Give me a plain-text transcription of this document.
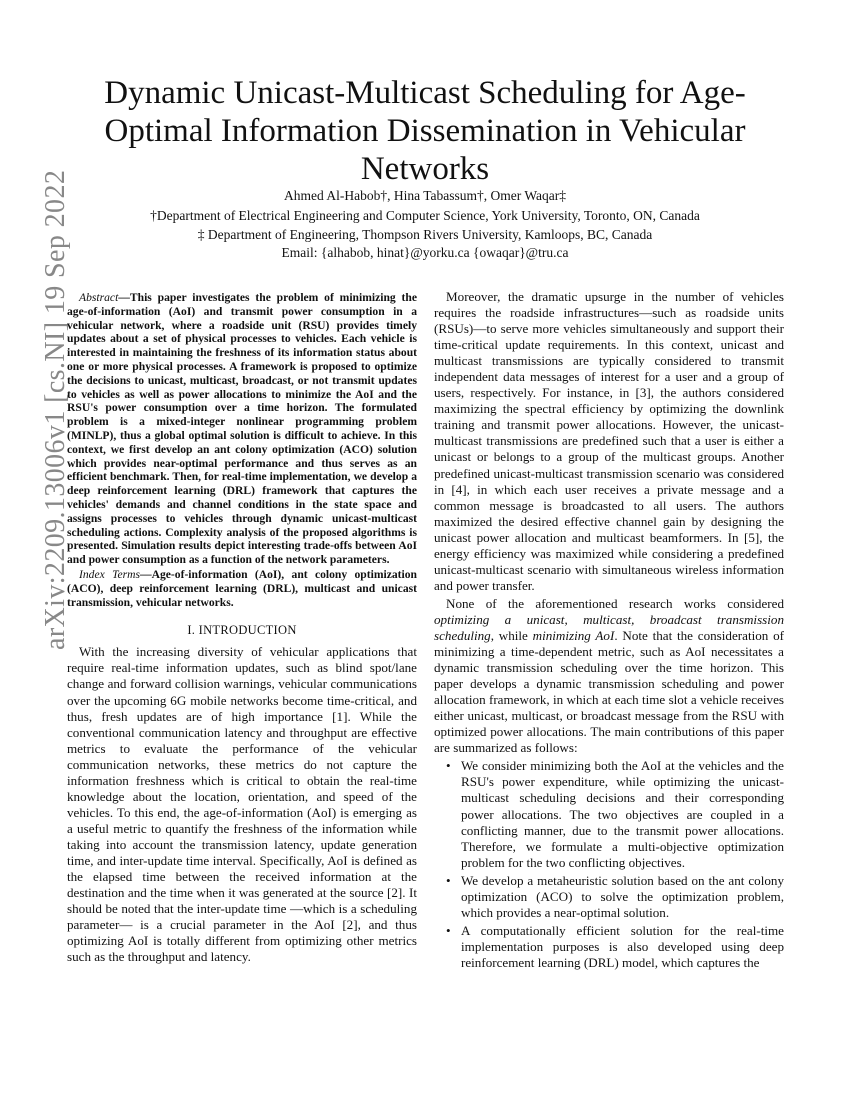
arXiv:2209.13006v1 [cs.NI] 19 Sep 2022
Dynamic Unicast-Multicast Scheduling for Age-Optimal Information Dissemination in Vehicular Networks
Ahmed Al-Habob†, Hina Tabassum†, Omer Waqar‡
†Department of Electrical Engineering and Computer Science, York University, Toronto, ON, Canada
‡ Department of Engineering, Thompson Rivers University, Kamloops, BC, Canada
Email: {alhabob, hinat}@yorku.ca {owaqar}@tru.ca
Abstract—This paper investigates the problem of minimizing the age-of-information (AoI) and transmit power consumption in a vehicular network, where a roadside unit (RSU) provides timely updates about a set of physical processes to vehicles. Each vehicle is interested in maintaining the freshness of its information status about one or more physical processes. A framework is proposed to optimize the decisions to unicast, multicast, broadcast, or not transmit updates to vehicles as well as power allocations to minimize the AoI and the RSU's power consumption over a time horizon. The formulated problem is a mixed-integer nonlinear programming problem (MINLP), thus a global optimal solution is difficult to achieve. In this context, we first develop an ant colony optimization (ACO) solution which provides near-optimal performance and thus serves as an efficient benchmark. Then, for real-time implementation, we develop a deep reinforcement learning (DRL) framework that captures the vehicles' demands and channel conditions in the state space and assigns processes to vehicles through dynamic unicast-multicast scheduling actions. Complexity analysis of the proposed algorithms is presented. Simulation results depict interesting trade-offs between AoI and power consumption as a function of the network parameters.
Index Terms—Age-of-information (AoI), ant colony optimization (ACO), deep reinforcement learning (DRL), multicast and unicast transmission, vehicular networks.
I. INTRODUCTION

With the increasing diversity of vehicular applications that require real-time information updates, such as blind spot/lane change and forward collision warnings, vehicular communications over the upcoming 6G mobile networks become time-critical, and thus, fresh updates are of high importance [1]. While the conventional communication latency and throughput are effective metrics to evaluate the performance of the vehicular communication networks, these metrics do not capture the information freshness which is critical to obtain the real-time knowledge about the location, orientation, and speed of the vehicles. To this end, the age-of-information (AoI) is emerging as a useful metric to quantify the freshness of the information while taking into account the transmission latency, update generation time, and inter-update time interval. Specifically, AoI is defined as the elapsed time between the received information at the destination and the time when it was generated at the source [2]. It should be noted that the inter-update time —which is a scheduling parameter— is a crucial parameter in the AoI [2], and thus optimizing AoI is totally different from optimizing other metrics such as the throughput and latency.

Moreover, the dramatic upsurge in the number of vehicles requires the roadside infrastructures—such as roadside units (RSUs)—to serve more vehicles simultaneously and support their time-critical update requirements. In this context, unicast and multicast transmissions are typically considered to transmit independent data messages of interest for a user and a group of users, respectively. For instance, in [3], the authors considered maximizing the spectral efficiency by optimizing the downlink training and transmit power allocations. However, the unicast-multicast transmissions are predefined such that a user is either a unicast or belongs to a group of the multicast groups. Another predefined unicast-multicast transmission scenario was considered in [4], in which each user receives a private message and a common message is broadcasted to all users. The authors maximized the desired effective channel gain by designing the unicast power allocation and multicast beamformers. In [5], the energy efficiency was maximized while considering a predefined unicast-multicast scenario with simultaneous wireless information and power transfer.

None of the aforementioned research works considered optimizing a unicast, multicast, broadcast transmission scheduling, while minimizing AoI. Note that the consideration of minimizing a time-dependent metric, such as AoI necessitates a dynamic transmission scheduling over the time horizon. This paper develops a dynamic transmission scheduling and power allocation framework, in which at each time slot a vehicle receives either unicast, multicast, or broadcast message from the RSU with optimized power allocations. The main contributions of this paper are summarized as follows:

• We consider minimizing both the AoI at the vehicles and the RSU's power expenditure, while optimizing the unicast-multicast scheduling decisions and their corresponding power allocations. The two objectives are coupled in a conflicting manner, due to the transmit power allocations. Therefore, we formulate a multi-objective optimization problem for the two conflicting objectives.
• We develop a metaheuristic solution based on the ant colony optimization (ACO) to solve the optimization problem, which provides a near-optimal solution.
• A computationally efficient solution for the real-time implementation purposes is also developed using deep reinforcement learning (DRL) model, which captures the
